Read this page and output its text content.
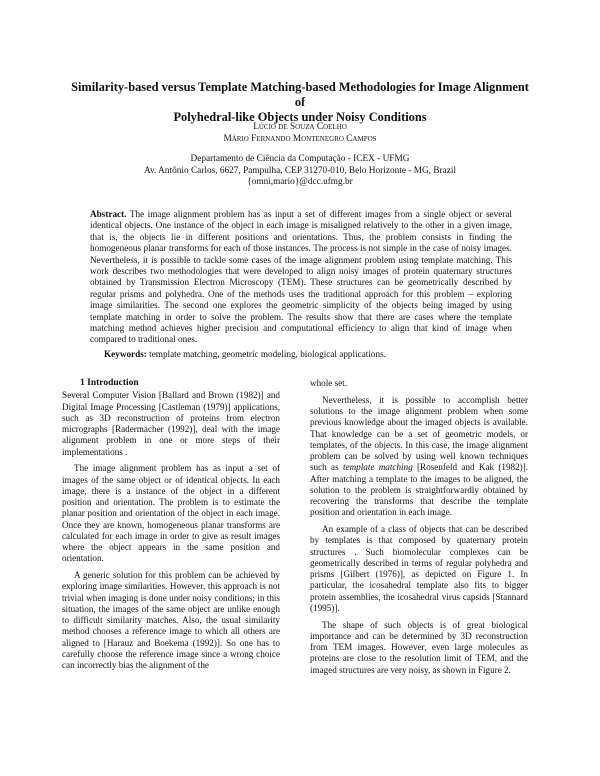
Similarity-based versus Template Matching-based Methodologies for Image Alignment of
Polyhedral-like Objects under Noisy Conditions
Lúcio de Souza Coelho
Mário Fernando Montenegro Campos
Departamento de Ciência da Computação - ICEX - UFMG
Av. Antônio Carlos, 6627, Pampulha, CEP 31270-010, Belo Horizonte - MG, Brazil
{omni,mario}@dcc.ufmg.br
Abstract. The image alignment problem has as input a set of different images from a single object or several identical objects. One instance of the object in each image is misaligned relatively to the other in a given image, that is, the objects lie in different positions and orientations. Thus, the problem consists in finding the homogeneous planar transforms for each of those instances. The process is not simple in the case of noisy images. Nevertheless, it is possible to tackle some cases of the image alignment problem using template matching. This work describes two methodologies that were developed to align noisy images of protein quaternary structures obtained by Transmission Electron Microscopy (TEM). These structures can be geometrically described by regular prisms and polyhedra. One of the methods uses the traditional approach for this problem – exploring image similarities. The second one explores the geometric simplicity of the objects being imaged by using template matching in order to solve the problem. The results show that there are cases where the template matching method achieves higher precision and computational efficiency to align that kind of image when compared to traditional ones.
Keywords: template matching, geometric modeling, biological applications.
1 Introduction

Several Computer Vision [Ballard and Brown (1982)] and Digital Image Processing [Castleman (1979)] applications, such as 3D reconstruction of proteins from electron micrographs [Radermacher (1992)], deal with the image alignment problem in one or more steps of their implementations .

The image alignment problem has as input a set of images of the same object or of identical objects. In each image, there is a instance of the object in a different position and orientation. The problem is to estimate the planar position and orientation of the object in each image. Once they are known, homogeneous planar transforms are calculated for each image in order to give as result images where the object appears in the same position and orientation.

A generic solution for this problem can be achieved by exploring image similarities. However, this approach is not trivial when imaging is done under noisy conditions; in this situation, the images of the same object are unlike enough to difficult similarity matches. Also, the usual similarity method chooses a reference image to which all others are aligned to [Harauz and Boekema (1992)]. So one has to carefully choose the reference image since a wrong choice can incorrectly bias the alignment of the

whole set.

Nevertheless, it is possible to accomplish better solutions to the image alignment problem when some previous knowledge about the imaged objects is available. That knowledge can be a set of geometric models, or templates, of the objects. In this case, the image alignment problem can be solved by using well known techniques such as template matching [Rosenfeld and Kak (1982)]. After matching a template to the images to be aligned, the solution to the problem is straightforwardly obtained by recovering the transforms that describe the template position and orientation in each image.

An example of a class of objects that can be described by templates is that composed by quaternary protein structures . Such biomolecular complexes can be geometrically described in terms of regular polyhedra and prisms [Gilbert (1976)], as depicted on Figure 1. In particular, the icosahedral template also fits to bigger protein assemblies, the icosahedral virus capsids [Stannard (1995)].

The shape of such objects is of great biological importance and can be determined by 3D reconstruction from TEM images. However, even large molecules as proteins are close to the resolution limit of TEM, and the imaged structures are very noisy, as shown in Figure 2.
